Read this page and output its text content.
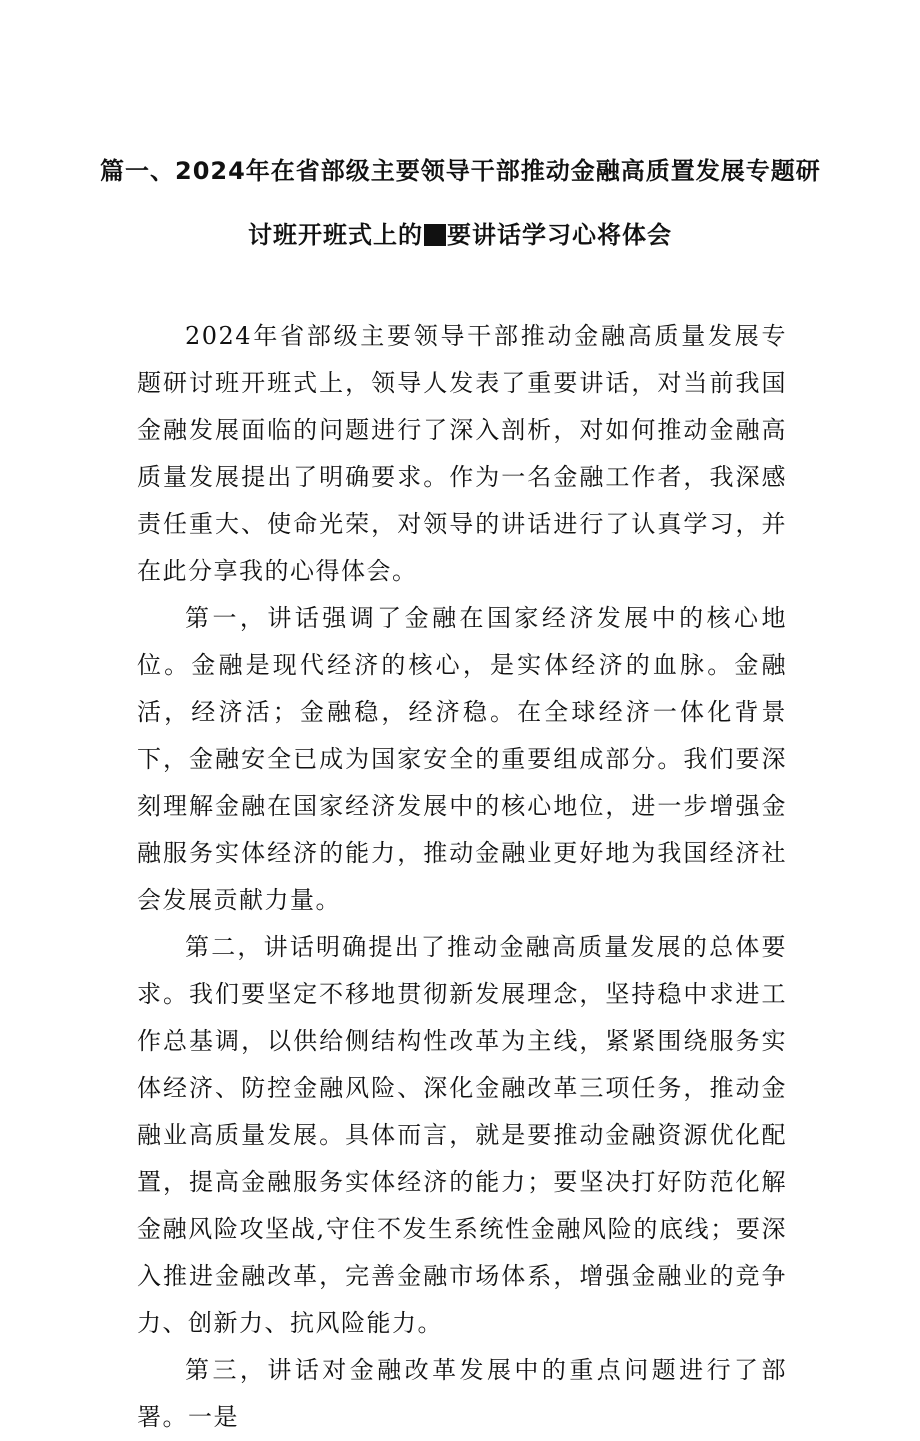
篇一、2024年在省部级主要领导干部推动金融高质置发展专题研
讨班开班式上的 要讲话学习心将体会

2024年省部级主要领导干部推动金融高质量发展专题研讨班开班式上，领导人发表了重要讲话，对当前我国金融发展面临的问题进行了深入剖析，对如何推动金融高质量发展提出了明确要求。作为一名金融工作者，我深感责任重大、使命光荣，对领导的讲话进行了认真学习，并在此分享我的心得体会。

第一，讲话强调了金融在国家经济发展中的核心地位。金融是现代经济的核心，是实体经济的血脉。金融活，经济活；金融稳，经济稳。在全球经济一体化背景下，金融安全已成为国家安全的重要组成部分。我们要深刻理解金融在国家经济发展中的核心地位，进一步增强金融服务实体经济的能力，推动金融业更好地为我国经济社会发展贡献力量。

第二，讲话明确提出了推动金融高质量发展的总体要求。我们要坚定不移地贯彻新发展理念，坚持稳中求进工作总基调，以供给侧结构性改革为主线，紧紧围绕服务实体经济、防控金融风险、深化金融改革三项任务，推动金融业高质量发展。具体而言，就是要推动金融资源优化配置，提高金融服务实体经济的能力；要坚决打好防范化解金融风险攻坚战,守住不发生系统性金融风险的底线；要深入推进金融改革，完善金融市场体系，增强金融业的竞争力、创新力、抗风险能力。

第三，讲话对金融改革发展中的重点问题进行了部署。一是
